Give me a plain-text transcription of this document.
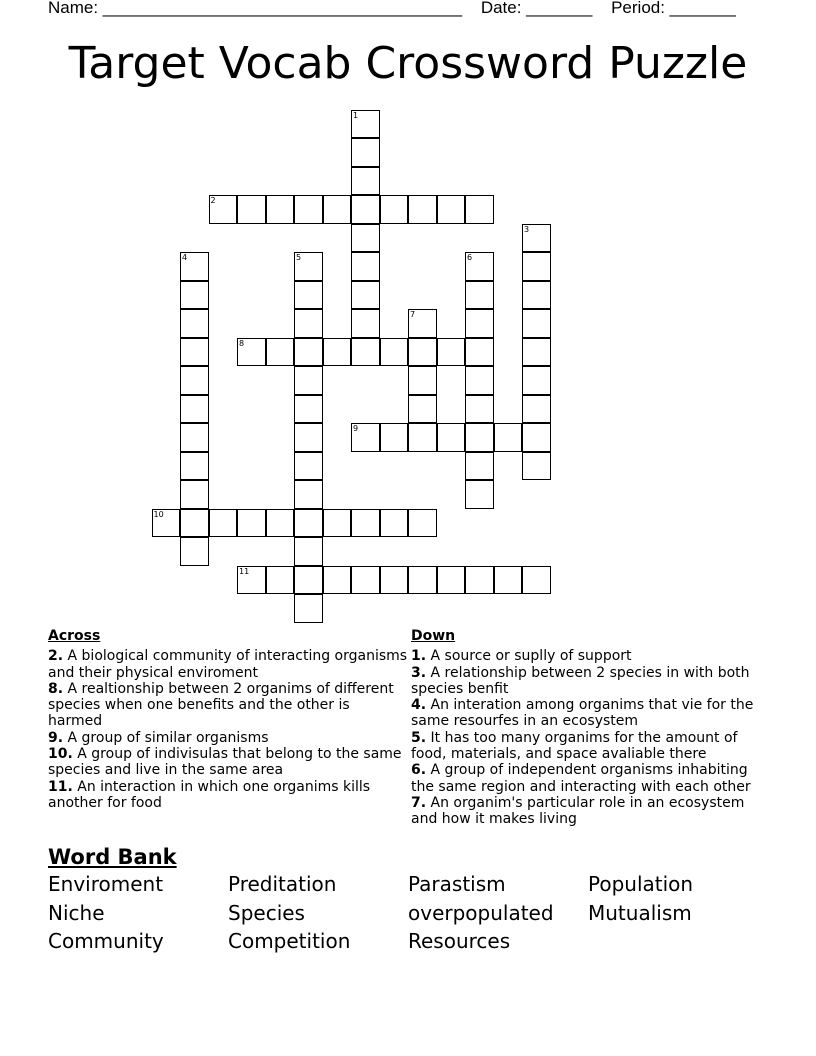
Name: ______________________________________ Date: _______ Period: _______
Target Vocab Crossword Puzzle
1
2
3
4	5	6
7
8
9
10
11
Across
2. A biological community of interacting organisms and their physical enviroment
8. A realtionship between 2 organims of different species when one benefits and the other is harmed
9. A group of similar organisms
10. A group of indivisulas that belong to the same species and live in the same area
11. An interaction in which one organims kills another for food
Down
1. A source or suplly of support
3. A relationship between 2 species in with both species benfit
4. An interation among organims that vie for the same resourfes in an ecosystem
5. It has too many organims for the amount of food, materials, and space avaliable there
6. A group of independent organisms inhabiting the same region and interacting with each other
7. An organim's particular role in an ecosystem and how it makes living
Word Bank
Enviroment	Preditation	Parastism	Population
Niche	Species	overpopulated	Mutualism
Community	Competition	Resources
